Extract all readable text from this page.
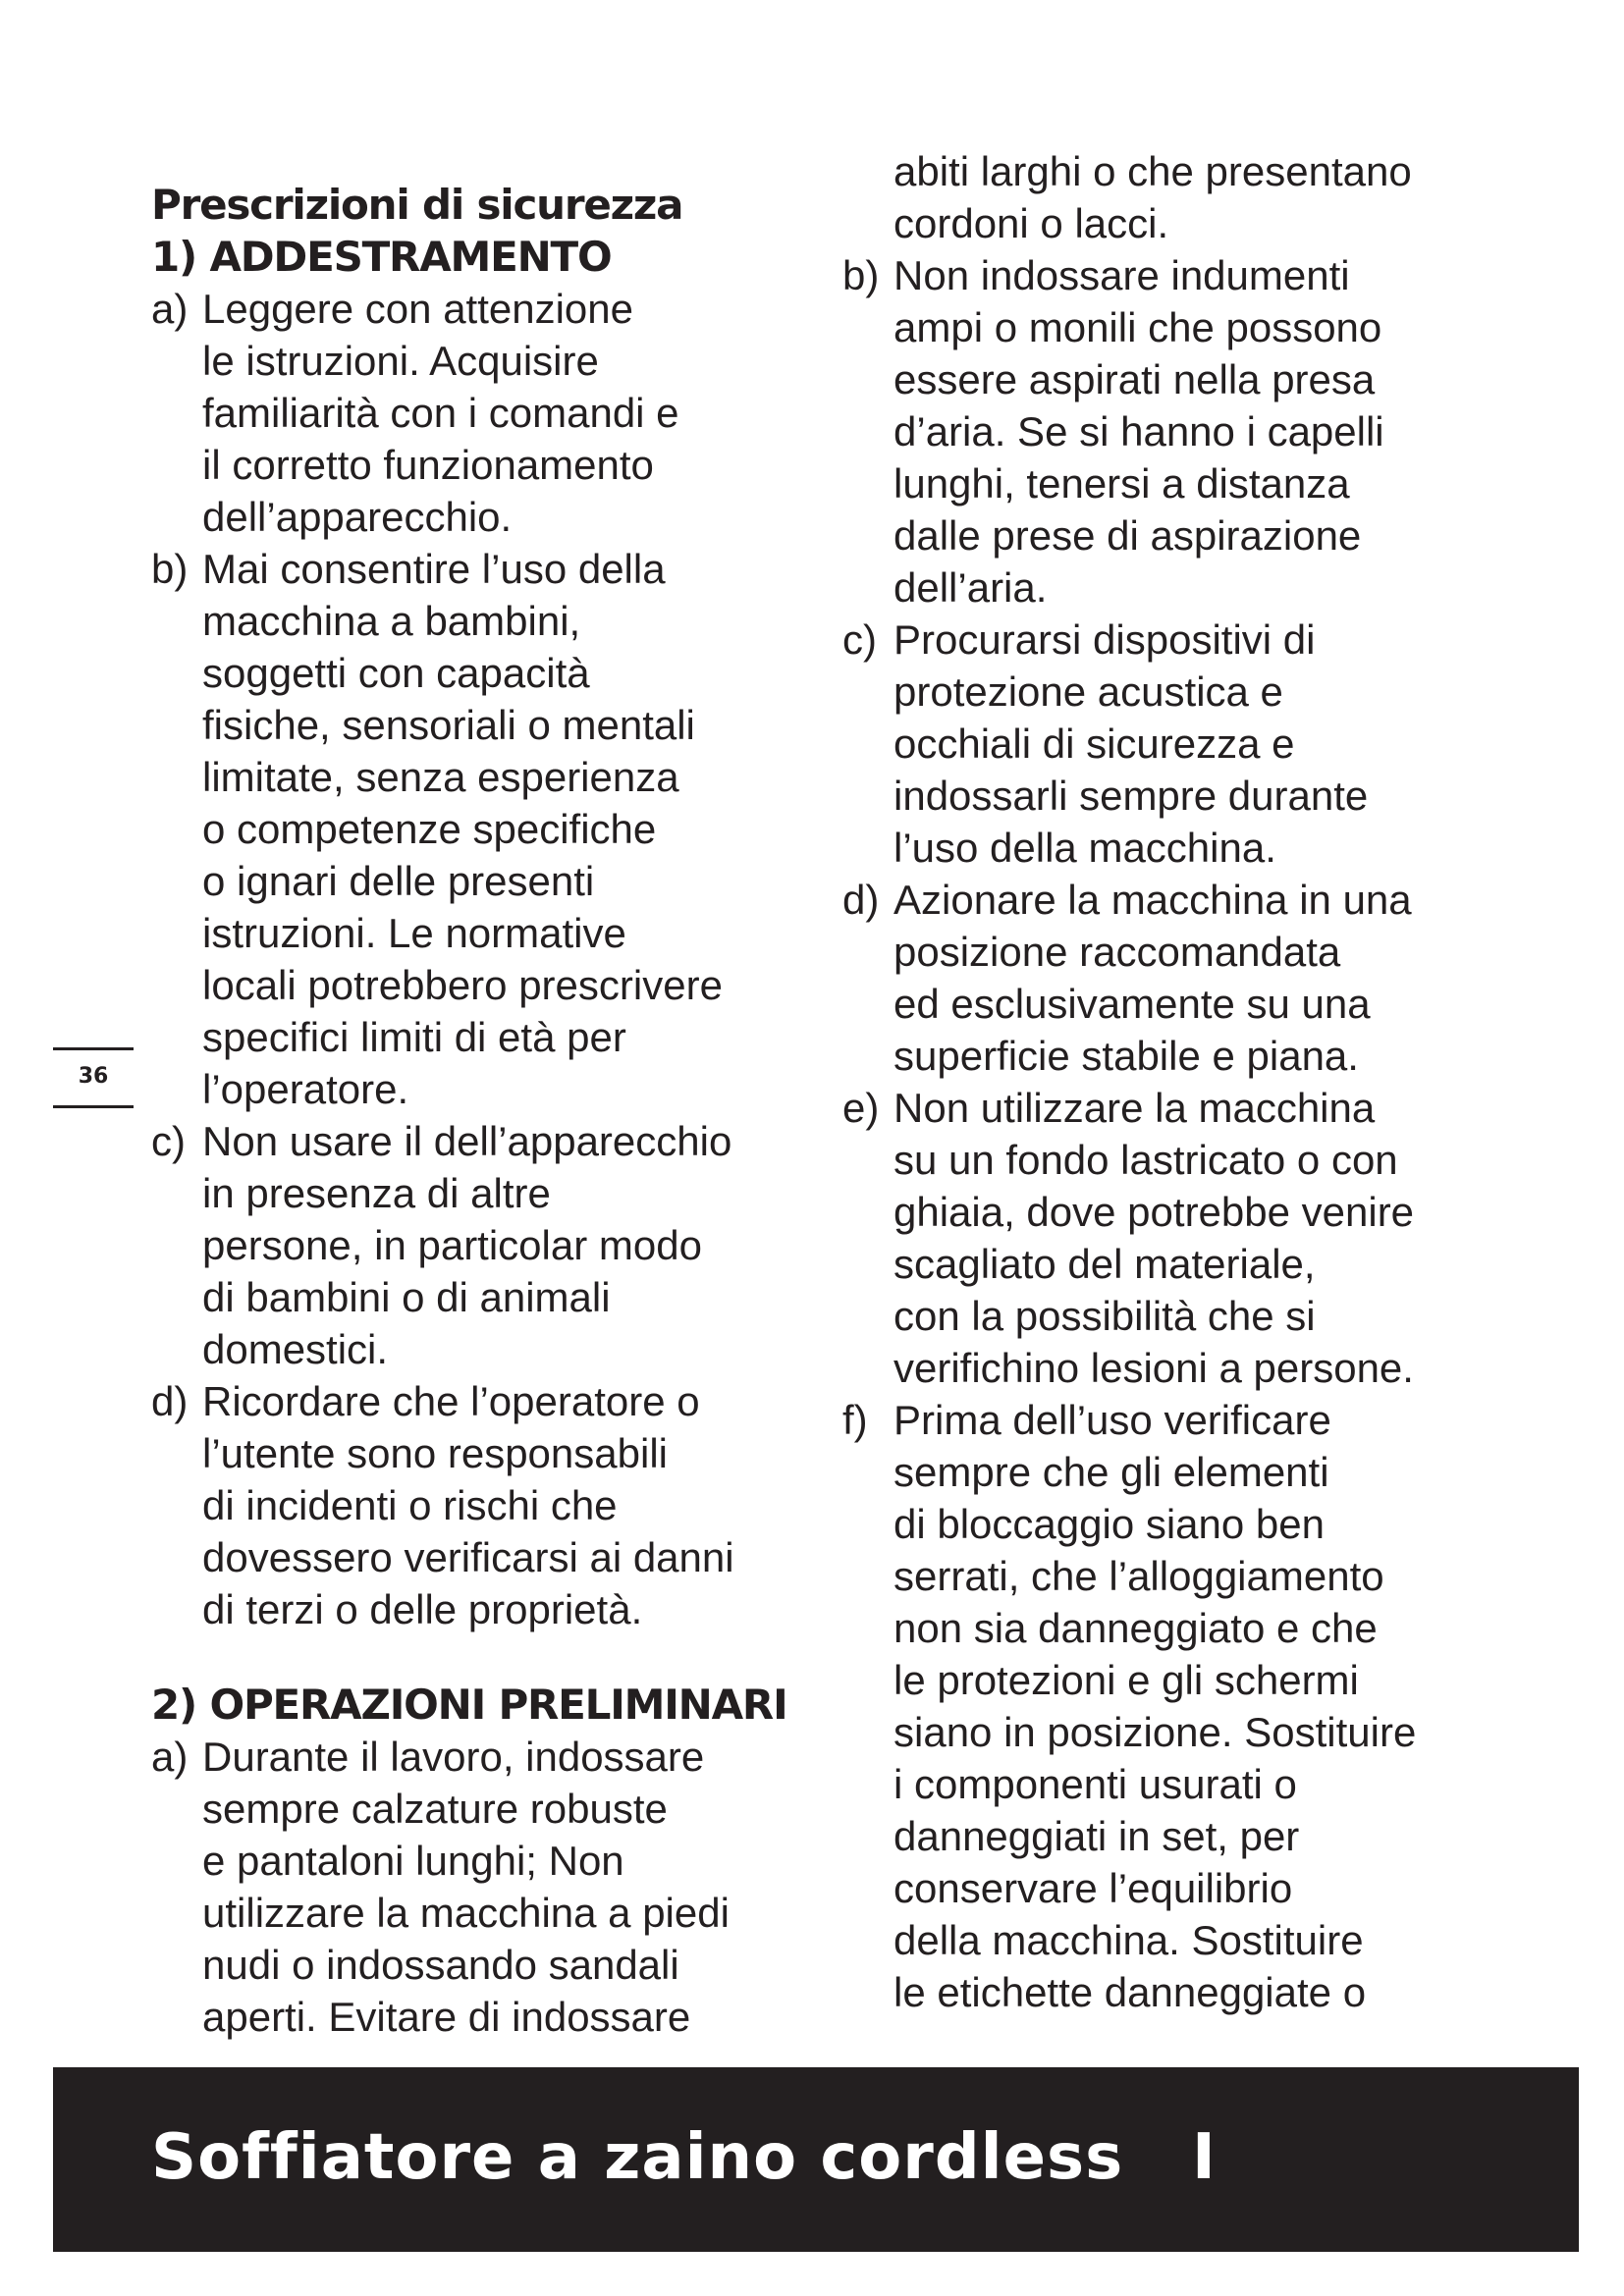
Prescrizioni di sicurezza
1) ADDESTRAMENTO
a) Leggere con attenzione
le istruzioni. Acquisire
familiarità con i comandi e
il corretto funzionamento
dell’apparecchio.
b) Mai consentire l’uso della
macchina a bambini,
soggetti con capacità
fisiche, sensoriali o mentali
limitate, senza esperienza
o competenze specifiche
o ignari delle presenti
istruzioni. Le normative
locali potrebbero prescrivere
specifici limiti di età per
l’operatore.
c) Non usare il dell’apparecchio
in presenza di altre
persone, in particolar modo
di bambini o di animali
domestici.
d) Ricordare che l’operatore o
l’utente sono responsabili
di incidenti o rischi che
dovessero verificarsi ai danni
di terzi o delle proprietà.
2) OPERAZIONI PRELIMINARI
a) Durante il lavoro, indossare
sempre calzature robuste
e pantaloni lunghi; Non
utilizzare la macchina a piedi
nudi o indossando sandali
aperti. Evitare di indossare
abiti larghi o che presentano
cordoni o lacci.
b) Non indossare indumenti
ampi o monili che possono
essere aspirati nella presa
d’aria. Se si hanno i capelli
lunghi, tenersi a distanza
dalle prese di aspirazione
dell’aria.
c) Procurarsi dispositivi di
protezione acustica e
occhiali di sicurezza e
indossarli sempre durante
l’uso della macchina.
d) Azionare la macchina in una
posizione raccomandata
ed esclusivamente su una
superficie stabile e piana.
e) Non utilizzare la macchina
su un fondo lastricato o con
ghiaia, dove potrebbe venire
scagliato del materiale,
con la possibilità che si
verifichino lesioni a persone.
f) Prima dell’uso verificare
sempre che gli elementi
di bloccaggio siano ben
serrati, che l’alloggiamento
non sia danneggiato e che
le protezioni e gli schermi
siano in posizione. Sostituire
i componenti usurati o
danneggiati in set, per
conservare l’equilibrio
della macchina. Sostituire
le etichette danneggiate o
36
Soffiatore a zaino cordless   I
